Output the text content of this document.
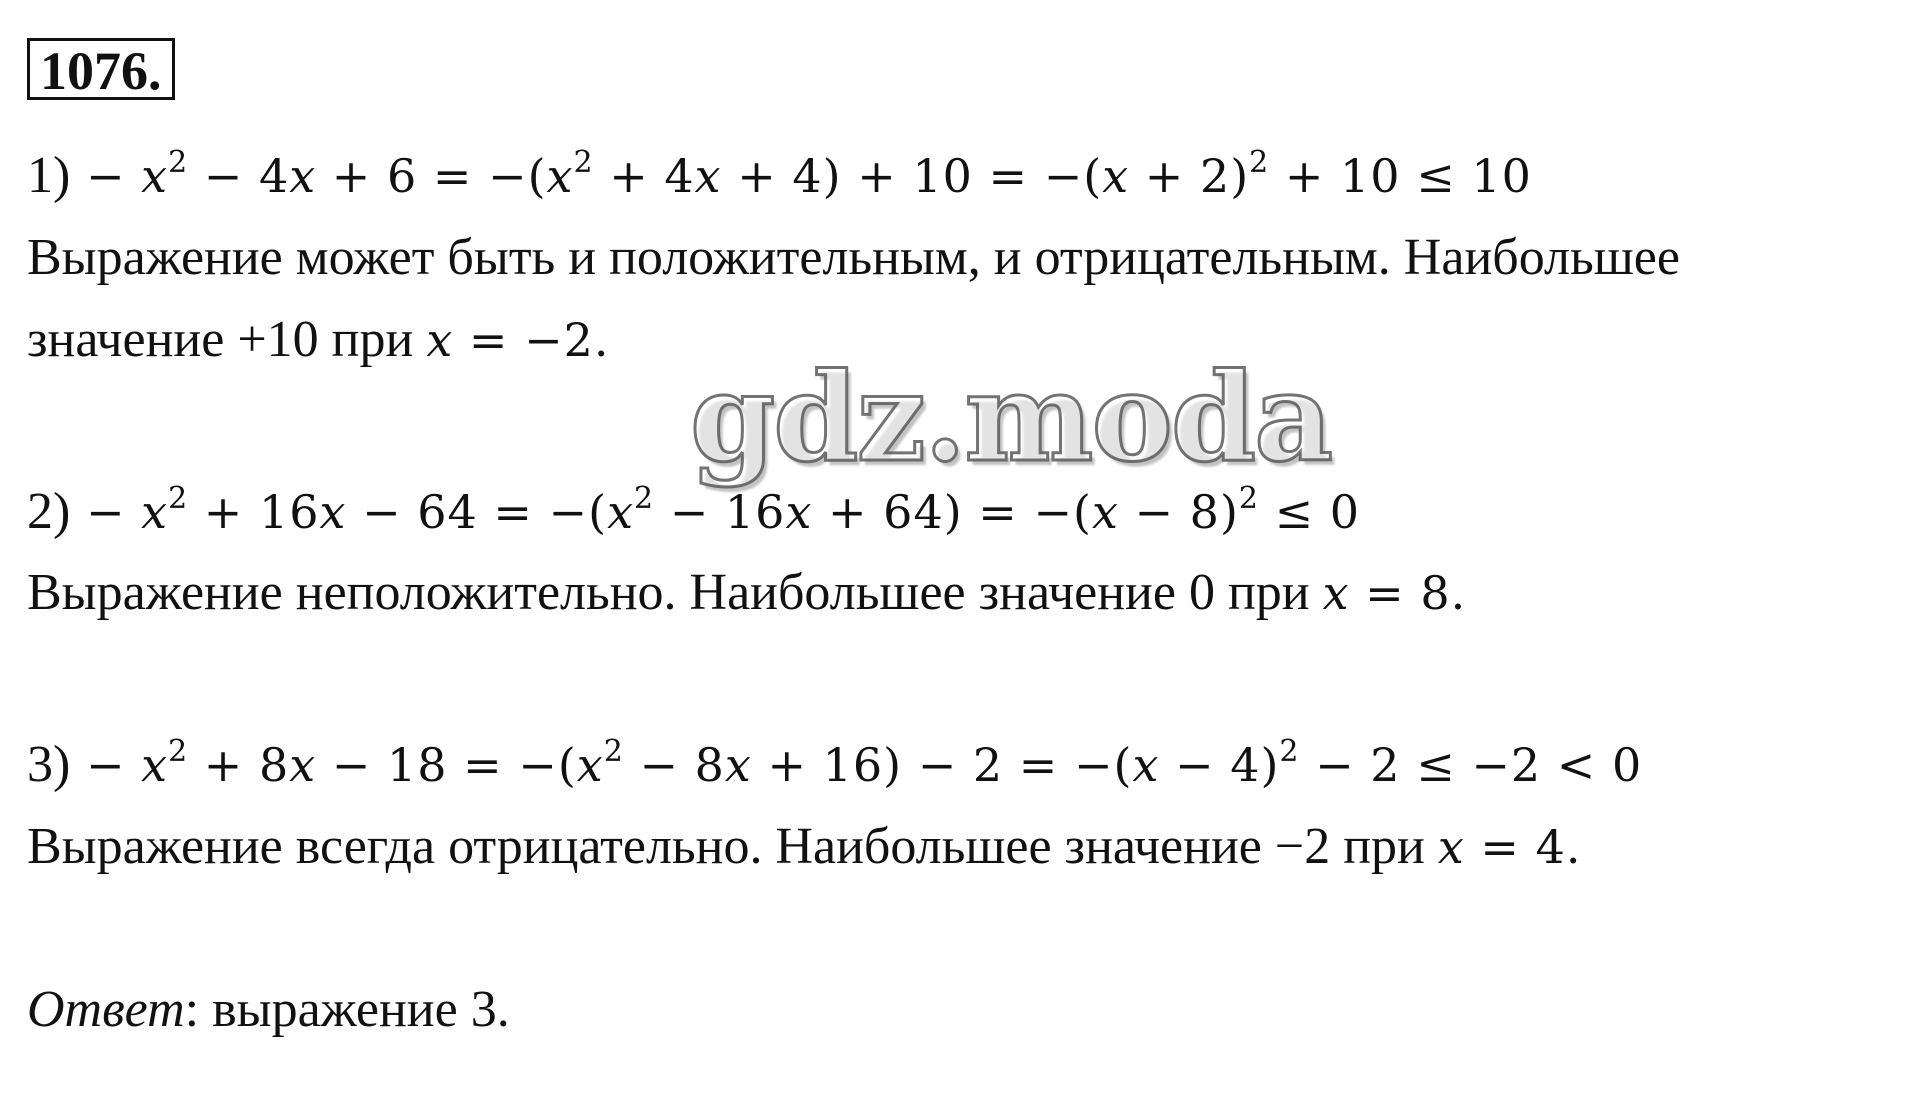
1076.
$1) - x^2 - 4x + 6 = -(x^2 + 4x + 4) + 10 = -(x + 2)^2 + 10 \le 10$
Выражение может быть и положительным, и отрицательным. Наибольшее
значение +10 при x = −2.
$2) - x^2 + 16x - 64 = -(x^2 - 16x + 64) = -(x - 8)^2 \le 0$
Выражение неположительно. Наибольшее значение 0 при x = 8.
$3) - x^2 + 8x - 18 = -(x^2 - 8x + 16) - 2 = -(x - 4)^2 - 2 \le -2 < 0$
Выражение всегда отрицательно. Наибольшее значение −2 при x = 4.
Ответ: выражение 3.
gdz.moda
